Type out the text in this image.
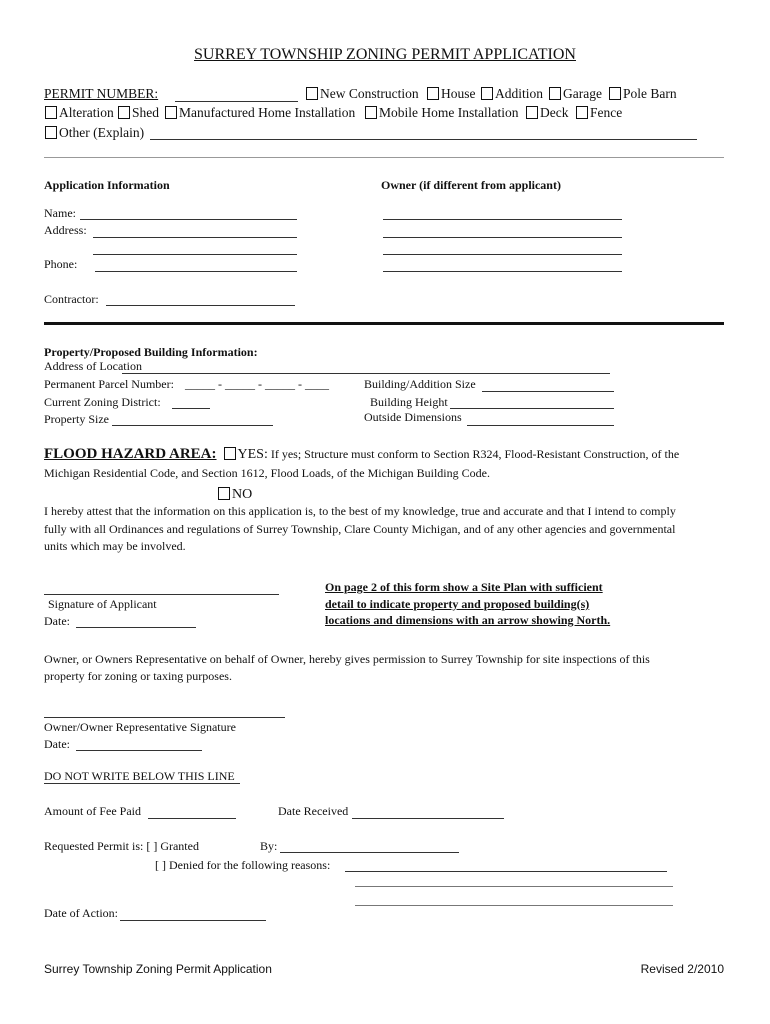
SURREY TOWNSHIP ZONING PERMIT APPLICATION
PERMIT NUMBER:	New Construction	House	Addition	Garage	Pole Barn
Alteration	Shed	Manufactured Home Installation	Mobile Home Installation	Deck	Fence
Other (Explain)
Application Information	Owner (if different from applicant)
Name:
Address:
Phone:
Contractor:
Property/Proposed Building Information:
Address of Location
Permanent Parcel Number: _____ - _____ - _____ - ____	Building/Addition Size
Current Zoning District:	Building Height
Property Size	Outside Dimensions
FLOOD HAZARD AREA: YES: If yes; Structure must conform to Section R324, Flood-Resistant Construction, of the
Michigan Residential Code, and Section 1612, Flood Loads, of the Michigan Building Code.
NO
I hereby attest that the information on this application is, to the best of my knowledge, true and accurate and that I intend to comply
fully with all Ordinances and regulations of Surrey Township, Clare County Michigan, and of any other agencies and governmental
units which may be involved.
Signature of Applicant
Date:
On page 2 of this form show a Site Plan with sufficient
detail to indicate property and proposed building(s)
locations and dimensions with an arrow showing North.
Owner, or Owners Representative on behalf of Owner, hereby gives permission to Surrey Township for site inspections of this
property for zoning or taxing purposes.
Owner/Owner Representative Signature
Date:
DO NOT WRITE BELOW THIS LINE
Amount of Fee Paid	Date Received
Requested Permit is: [ ] Granted	By:
[ ] Denied for the following reasons:
Date of Action:
Surrey Township Zoning Permit Application	Revised 2/2010
